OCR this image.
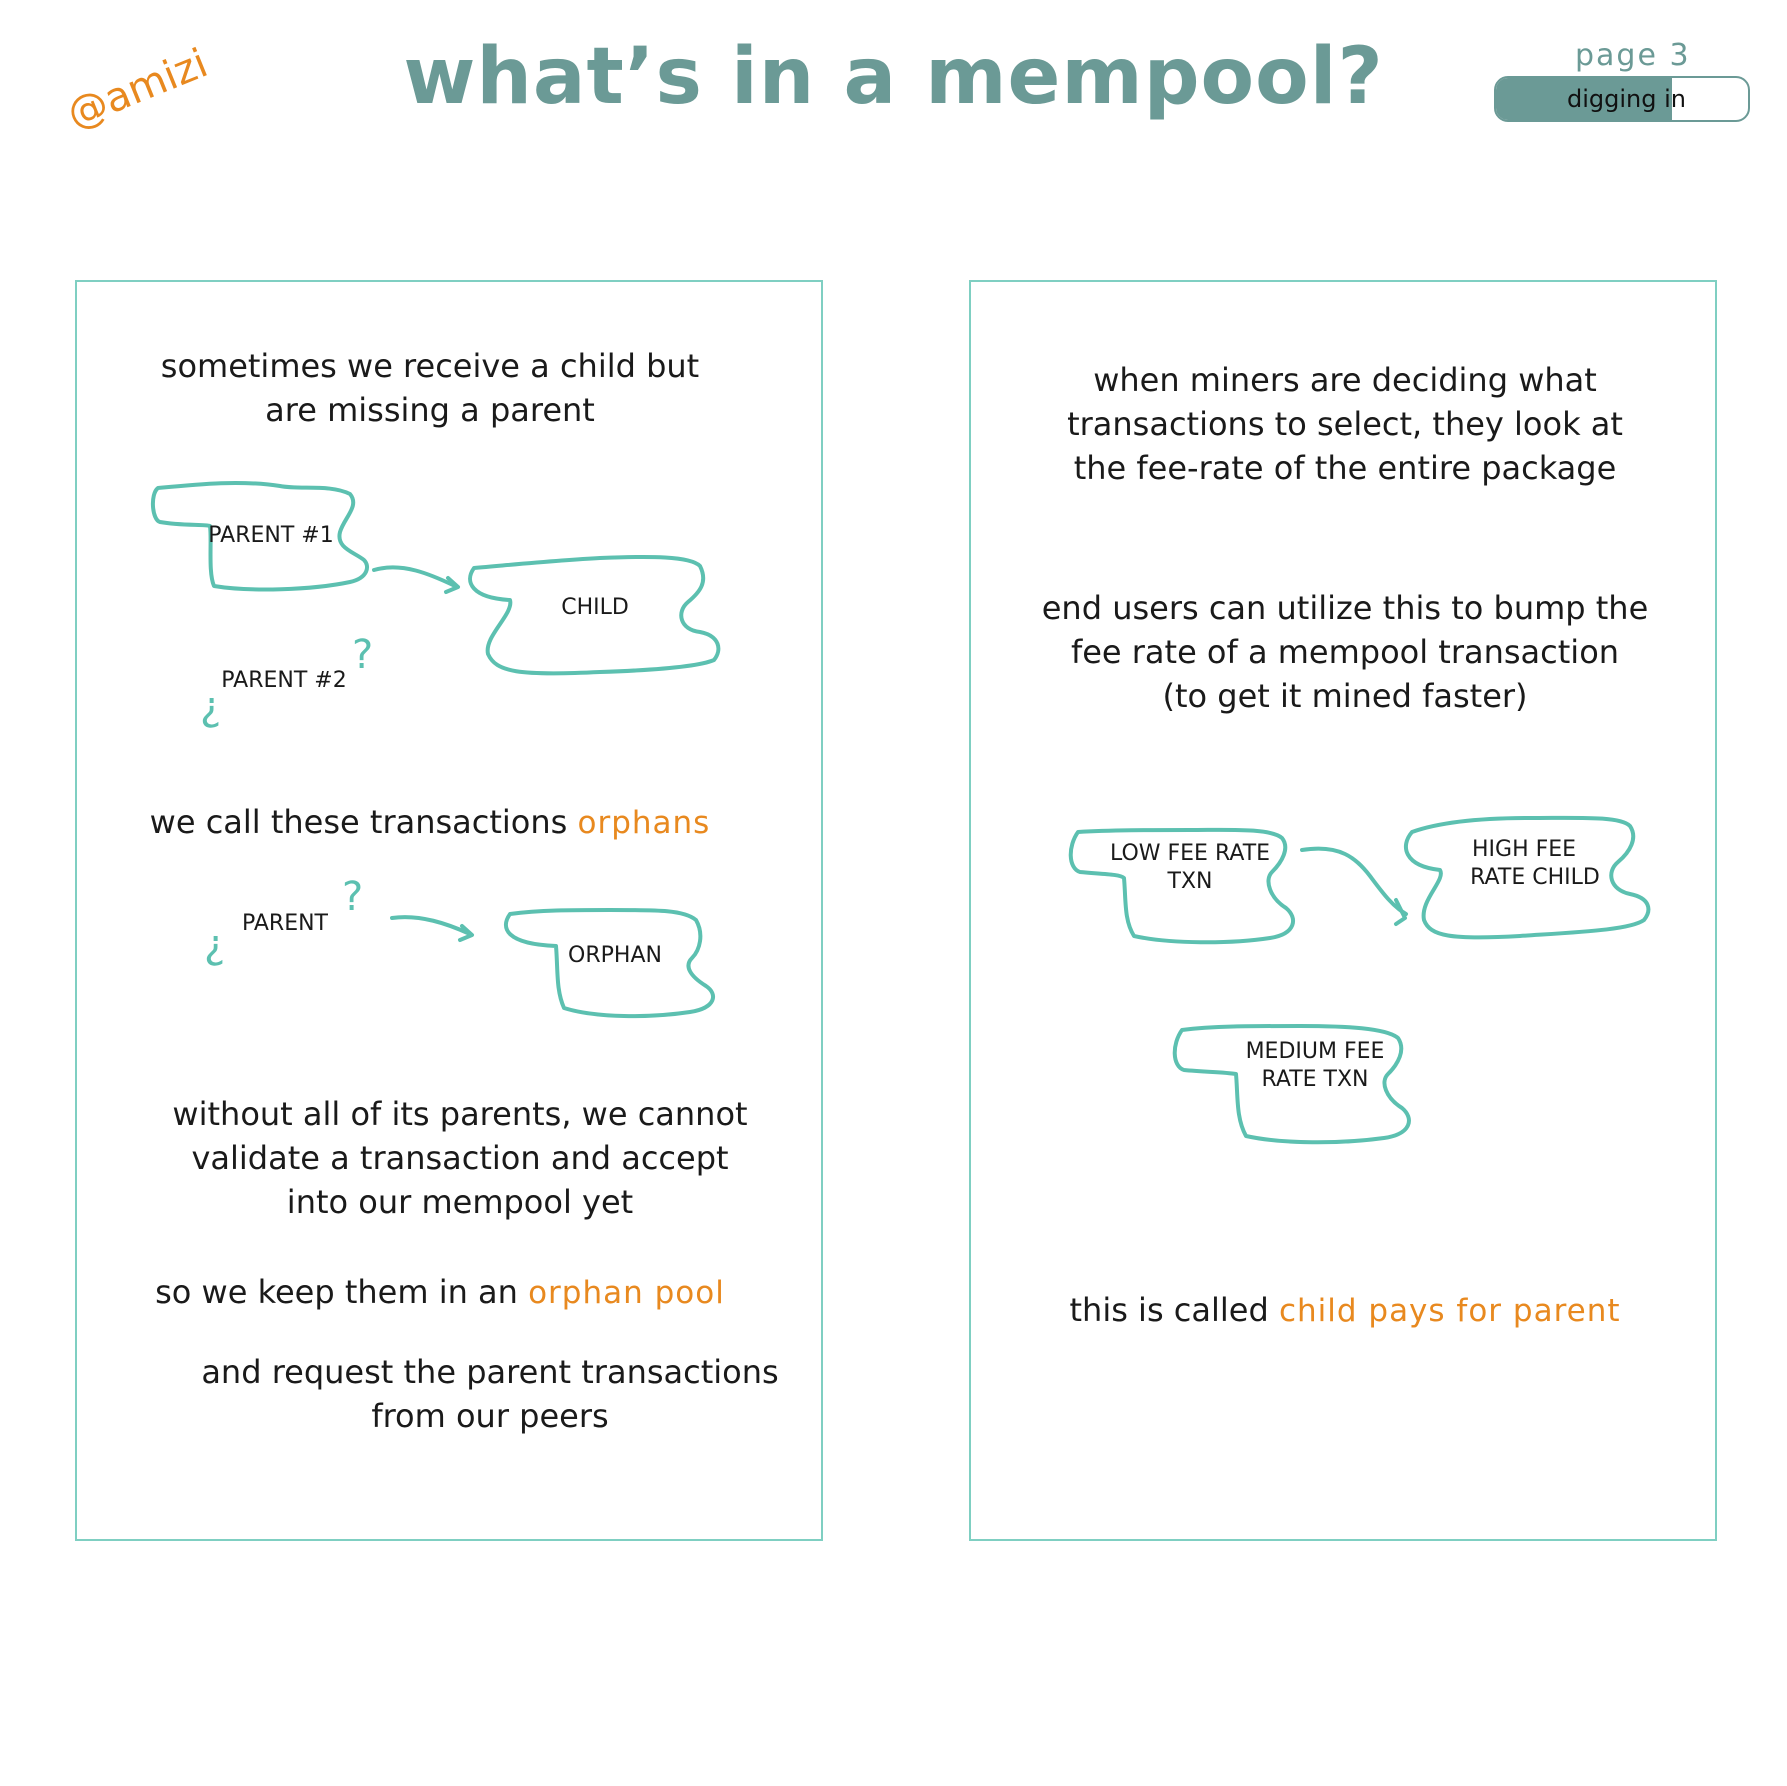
what’s in a mempool?
@amizi	page 3
digging in
sometimes we receive a child but
are missing a parent
PARENT #1
CHILD
PARENT #2
?
?
we call these transactions orphans
PARENT
ORPHAN
?
?
without all of its parents, we cannot
validate a transaction and accept
into our mempool yet
so we keep them in an orphan pool
and request the parent transactions
from our peers
when miners are deciding what
transactions to select, they look at
the fee-rate of the entire package
end users can utilize this to bump the
fee rate of a mempool transaction
(to get it mined faster)
LOW FEE RATE
TXN
HIGH FEE
RATE CHILD
MEDIUM FEE
RATE TXN
this is called child pays for parent
